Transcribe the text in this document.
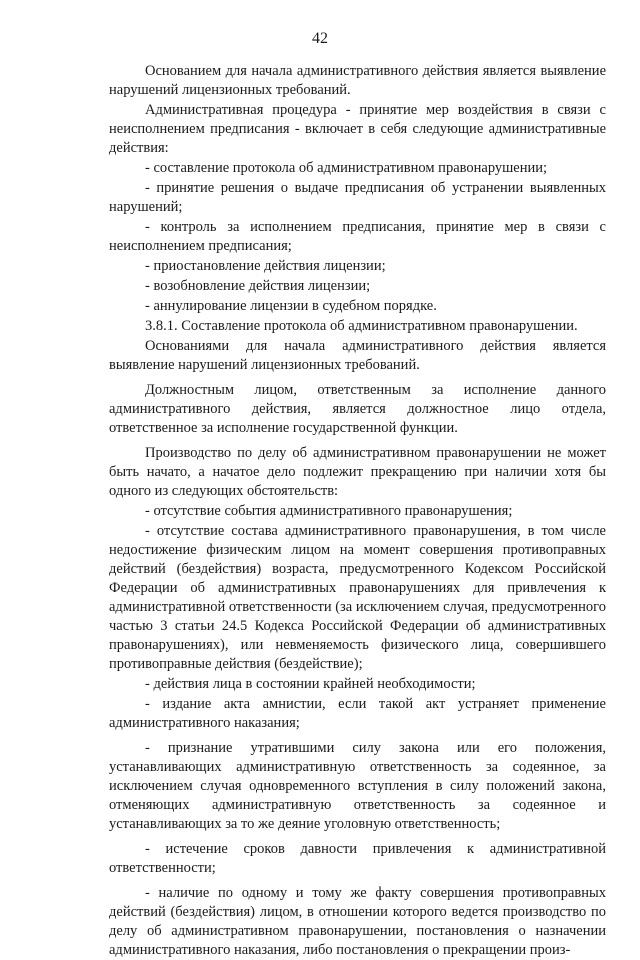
42

Основанием для начала административного действия является выявление нарушений лицензионных требований.

Административная процедура - принятие мер воздействия в связи с неисполнением предписания - включает в себя следующие административные действия:

- составление протокола об административном правонарушении;

- принятие решения о выдаче предписания об устранении выявленных нарушений;

- контроль за исполнением предписания, принятие мер в связи с неисполнением предписания;

- приостановление действия лицензии;

- возобновление действия лицензии;

- аннулирование лицензии в судебном порядке.

3.8.1. Составление протокола об административном правонарушении.

Основаниями для начала административного действия является выявление нарушений лицензионных требований.

Должностным лицом, ответственным за исполнение данного административного действия, является должностное лицо отдела, ответственное за исполнение государственной функции.

Производство по делу об административном правонарушении не может быть начато, а начатое дело подлежит прекращению при наличии хотя бы одного из следующих обстоятельств:

- отсутствие события административного правонарушения;

- отсутствие состава административного правонарушения, в том числе недостижение физическим лицом на момент совершения противоправных действий (бездействия) возраста, предусмотренного Кодексом Российской Федерации об административных правонарушениях для привлечения к административной ответственности (за исключением случая, предусмотренного частью 3 статьи 24.5 Кодекса Российской Федерации об административных правонарушениях), или невменяемость физического лица, совершившего противоправные действия (бездействие);

- действия лица в состоянии крайней необходимости;

- издание акта амнистии, если такой акт устраняет применение административного наказания;

- признание утратившими силу закона или его положения, устанавливающих административную ответственность за содеянное, за исключением случая одновременного вступления в силу положений закона, отменяющих административную ответственность за содеянное и устанавливающих за то же деяние уголовную ответственность;

- истечение сроков давности привлечения к административной ответственности;

- наличие по одному и тому же факту совершения противоправных действий (бездействия) лицом, в отношении которого ведется производство по делу об административном правонарушении, постановления о назначении административного наказания, либо постановления о прекращении произ-
